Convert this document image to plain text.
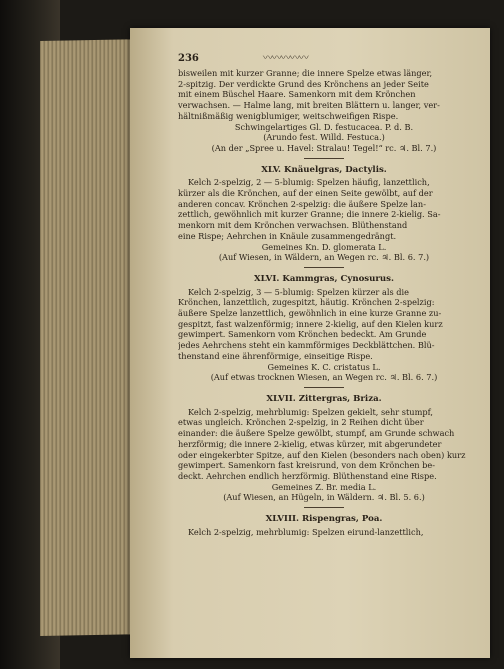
236	〰〰〰〰〰
bisweilen mit kurzer Granne; die innere Spelze etwas länger,
2-spitzig. Der verdickte Grund des Krönchens an jeder Seite
mit einem Büschel Haare. Samenkorn mit dem Krönchen
verwachsen. — Halme lang, mit breiten Blättern u. langer, ver-
hältnißmäßig wenigblumiger, weitschweifigen Rispe.
Schwingelartiges Gl. D. festucacea. P. d. B.
(Arundo fest. Willd. Festuca.)
(An der „Spree u. Havel: Stralau! Tegel!“ rc. ♃. Bl. 7.)
XLV. Knäuelgras, Dactylis.
Kelch 2-spelzig, 2 — 5-blumig: Spelzen häufig, lanzettlich,
kürzer als die Krönchen, auf der einen Seite gewölbt, auf der
anderen concav. Krönchen 2-spelzig: die äußere Spelze lan-
zettlich, gewöhnlich mit kurzer Granne; die innere 2-kielig. Sa-
menkorn mit dem Krönchen verwachsen. Blüthenstand
eine Rispe; Aehrchen in Knäule zusammengedrängt.
Gemeines Kn. D. glomerata L.
(Auf Wiesen, in Wäldern, an Wegen rc. ♃. Bl. 6. 7.)
XLVI. Kammgras, Cynosurus.
Kelch 2-spelzig, 3 — 5-blumig: Spelzen kürzer als die
Krönchen, lanzettlich, zugespitzt, häutig. Krönchen 2-spelzig:
äußere Spelze lanzettlich, gewöhnlich in eine kurze Granne zu-
gespitzt, fast walzenförmig; innere 2-kielig, auf den Kielen kurz
gewimpert. Samenkorn vom Krönchen bedeckt. Am Grunde
jedes Aehrchens steht ein kammförmiges Deckblättchen. Blü-
thenstand eine ährenförmige, einseitige Rispe.
Gemeines K. C. cristatus L.
(Auf etwas trocknen Wiesen, an Wegen rc. ♃. Bl. 6. 7.)
XLVII. Zittergras, Briza.
Kelch 2-spelzig, mehrblumig: Spelzen gekielt, sehr stumpf,
etwas ungleich. Krönchen 2-spelzig, in 2 Reihen dicht über
einander: die äußere Spelze gewölbt, stumpf, am Grunde schwach
herzförmig; die innere 2-kielig, etwas kürzer, mit abgerundeter
oder eingekerbter Spitze, auf den Kielen (besonders nach oben) kurz
gewimpert. Samenkorn fast kreisrund, von dem Krönchen be-
deckt. Aehrchen endlich herzförmig. Blüthenstand eine Rispe.
Gemeines Z. Br. media L.
(Auf Wiesen, an Hügeln, in Wäldern. ♃. Bl. 5. 6.)
XLVIII. Rispengras, Poa.
Kelch 2-spelzig, mehrblumig: Spelzen eirund-lanzettlich,
